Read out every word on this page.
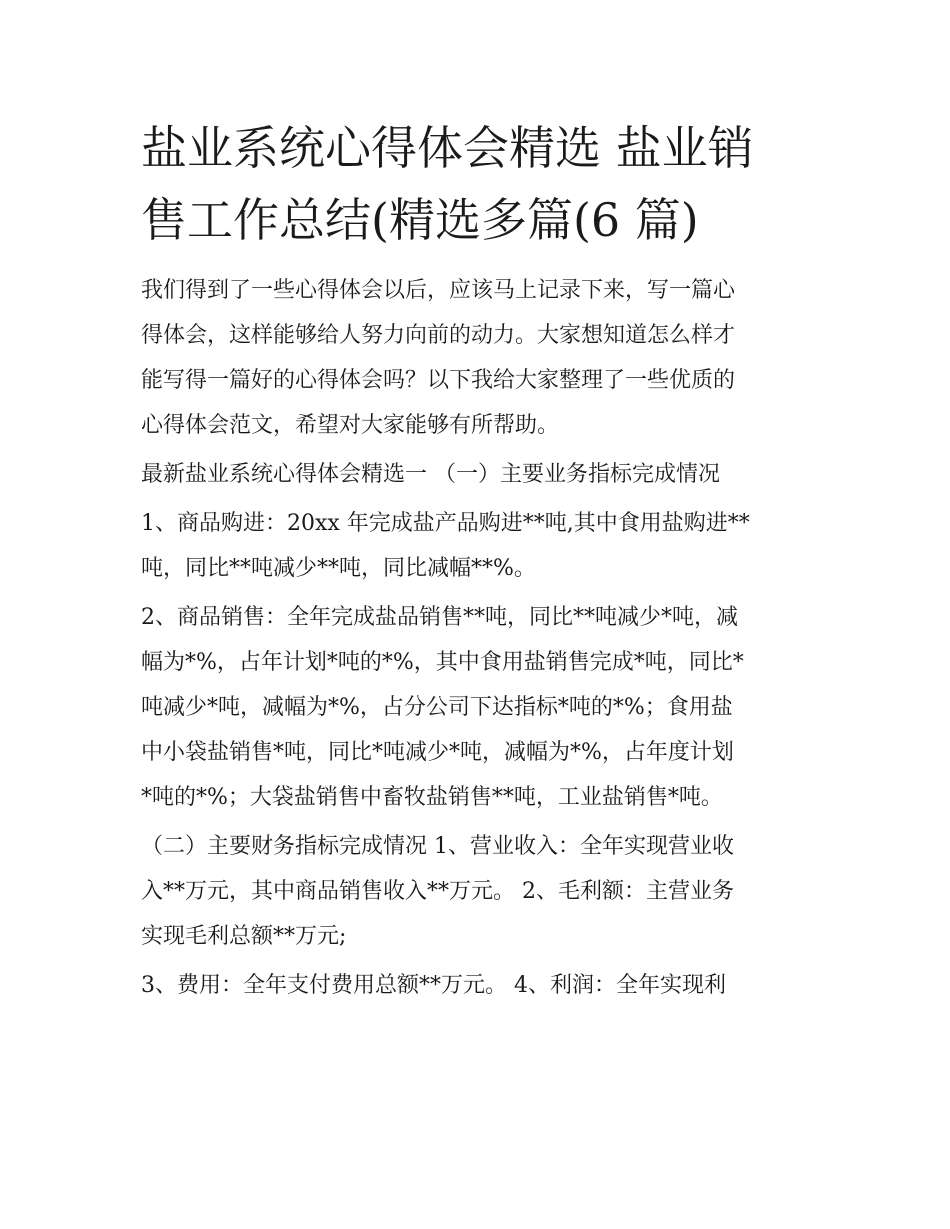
盐业系统心得体会精选 盐业销
售工作总结(精选多篇(6 篇)

我们得到了一些心得体会以后，应该马上记录下来，写一篇心
得体会，这样能够给人努力向前的动力。大家想知道怎么样才
能写得一篇好的心得体会吗？以下我给大家整理了一些优质的
心得体会范文，希望对大家能够有所帮助。

最新盐业系统心得体会精选一 （一）主要业务指标完成情况

1、商品购进：20xx 年完成盐产品购进**吨,其中食用盐购进**
吨，同比**吨减少**吨，同比减幅**%。

2、商品销售：全年完成盐品销售**吨，同比**吨减少*吨，减
幅为*%，占年计划*吨的*%，其中食用盐销售完成*吨，同比*
吨减少*吨，减幅为*%，占分公司下达指标*吨的*%；食用盐
中小袋盐销售*吨，同比*吨减少*吨，减幅为*%，占年度计划
*吨的*%；大袋盐销售中畜牧盐销售**吨，工业盐销售*吨。

（二）主要财务指标完成情况 1、营业收入：全年实现营业收
入**万元，其中商品销售收入**万元。 2、毛利额：主营业务
实现毛利总额**万元;

3、费用：全年支付费用总额**万元。 4、利润：全年实现利
